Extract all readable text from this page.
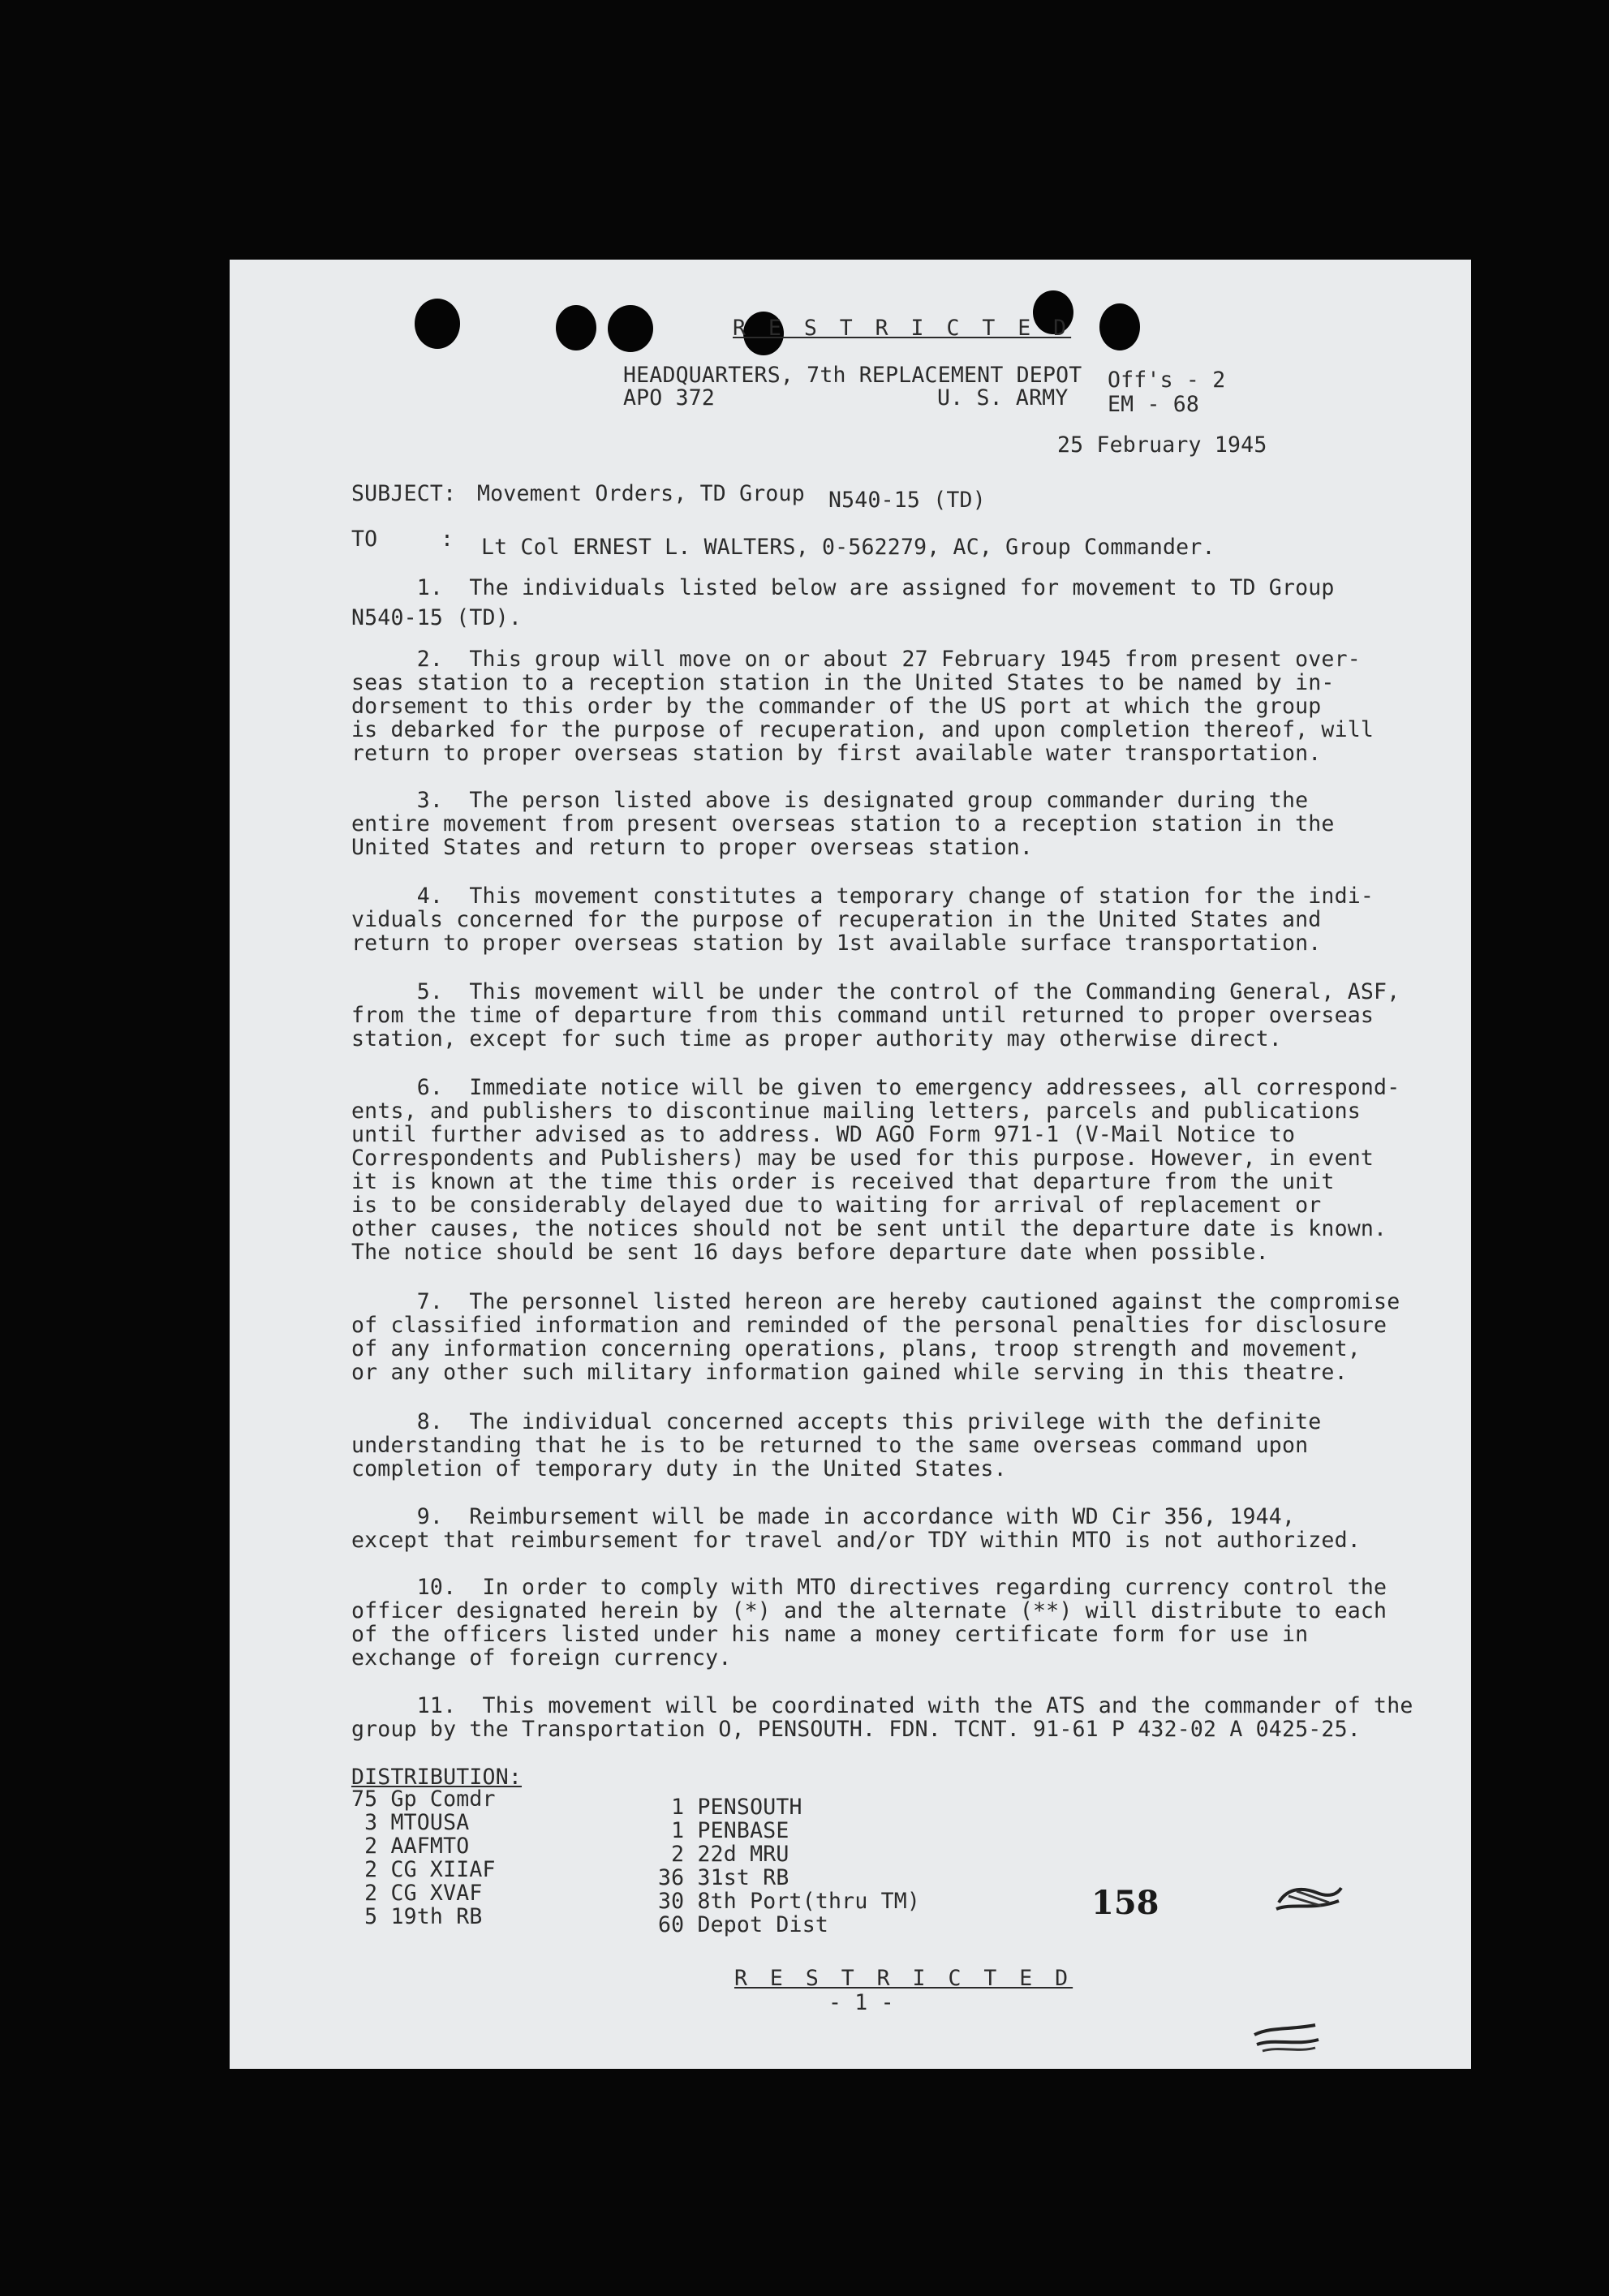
R E S T R I C T E D
HEADQUARTERS, 7th REPLACEMENT DEPOT
APO 372	U. S. ARMY
Off's - 2
EM - 68
25 February 1945
SUBJECT: Movement Orders, TD Group N540-15 (TD)
TO	: Lt Col ERNEST L. WALTERS, 0-562279, AC, Group Commander.
1.  The individuals listed below are assigned for movement to TD Group
N540-15 (TD).
2.  This group will move on or about 27 February 1945 from present over-
seas station to a reception station in the United States to be named by in-
dorsement to this order by the commander of the US port at which the group
is debarked for the purpose of recuperation, and upon completion thereof, will
return to proper overseas station by first available water transportation.
3.  The person listed above is designated group commander during the
entire movement from present overseas station to a reception station in the
United States and return to proper overseas station.
4.  This movement constitutes a temporary change of station for the indi-
viduals concerned for the purpose of recuperation in the United States and
return to proper overseas station by 1st available surface transportation.
5.  This movement will be under the control of the Commanding General, ASF,
from the time of departure from this command until returned to proper overseas
station, except for such time as proper authority may otherwise direct.
6.  Immediate notice will be given to emergency addressees, all correspond-
ents, and publishers to discontinue mailing letters, parcels and publications
until further advised as to address. WD AGO Form 971-1 (V-Mail Notice to
Correspondents and Publishers) may be used for this purpose. However, in event
it is known at the time this order is received that departure from the unit
is to be considerably delayed due to waiting for arrival of replacement or
other causes, the notices should not be sent until the departure date is known.
The notice should be sent 16 days before departure date when possible.
7.  The personnel listed hereon are hereby cautioned against the compromise
of classified information and reminded of the personal penalties for disclosure
of any information concerning operations, plans, troop strength and movement,
or any other such military information gained while serving in this theatre.
8.  The individual concerned accepts this privilege with the definite
understanding that he is to be returned to the same overseas command upon
completion of temporary duty in the United States.
9.  Reimbursement will be made in accordance with WD Cir 356, 1944,
except that reimbursement for travel and/or TDY within MTO is not authorized.
10.  In order to comply with MTO directives regarding currency control the
officer designated herein by (*) and the alternate (**) will distribute to each
of the officers listed under his name a money certificate form for use in
exchange of foreign currency.
11.  This movement will be coordinated with the ATS and the commander of the
group by the Transportation O, PENSOUTH. FDN. TCNT. 91-61 P 432-02 A 0425-25.
DISTRIBUTION:
75 Gp Comdr
3 MTOUSA
2 AAFMTO
2 CG XIIAF
2 CG XVAF
5 19th RB
1 PENSOUTH
1 PENBASE
2 22d MRU
36 31st RB
30 8th Port(thru TM)
60 Depot Dist
158
R E S T R I C T E D
- 1 -
